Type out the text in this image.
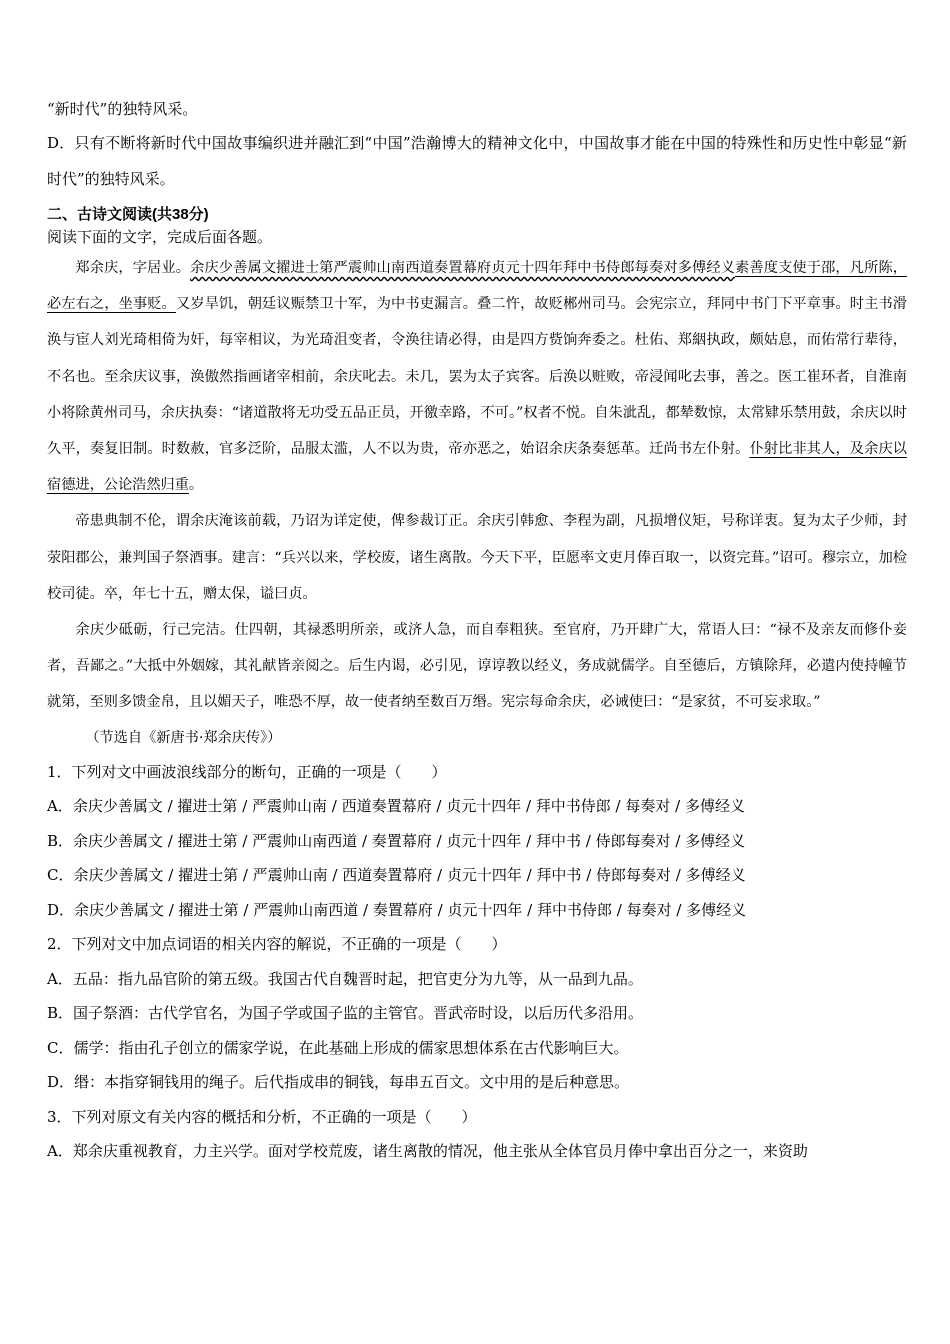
“新时代”的独特风采。
D．只有不断将新时代中国故事编织进并融汇到“中国”浩瀚博大的精神文化中，中国故事才能在中国的特殊性和历史性中彰显“新时代”的独特风采。
二、古诗文阅读(共38分)
阅读下面的文字，完成后面各题。
郑余庆，字居业。余庆少善属文擢进士第严震帅山南西道奏置幕府贞元十四年拜中书侍郎每奏对多傅经义素善度支使于邵，凡所陈，必左右之，坐事贬。又岁旱饥，朝廷议赈禁卫十军，为中书吏漏言。叠二忤，故贬郴州司马。会宪宗立，拜同中书门下平章事。时主书滑涣与宦人刘光琦相倚为奸，每宰相议，为光琦沮变者，令涣往请必得，由是四方赀饷奔委之。杜佑、郑絪执政，颇姑息，而佑常行辈待，不名也。至余庆议事，涣傲然指画诸宰相前，余庆叱去。未几，罢为太子宾客。后涣以赃败，帝浸闻叱去事，善之。医工崔环者，自淮南小将除黄州司马，余庆执奏：“诸道散将无功受五品正员，开徼幸路，不可。”权者不悦。自朱泚乱，都辇数惊，太常肄乐禁用鼓，余庆以时久平，奏复旧制。时数赦，官多泛阶，品服太滥，人不以为贵，帝亦恶之，始诏余庆条奏惩革。迁尚书左仆射。仆射比非其人，及余庆以宿德进，公论浩然归重。
帝患典制不伦，谓余庆淹该前载，乃诏为详定使，俾参裁订正。余庆引韩愈、李程为副，凡损增仪矩，号称详衷。复为太子少师，封荥阳郡公，兼判国子祭酒事。建言：“兵兴以来，学校废，诸生离散。今天下平，臣愿率文吏月俸百取一，以资完葺。”诏可。穆宗立，加检校司徒。卒，年七十五，赠太保，谥曰贞。
余庆少砥砺，行己完洁。仕四朝，其禄悉明所亲，或济人急，而自奉粗狭。至官府，乃开肆广大，常语人曰：“禄不及亲友而修仆妾者，吾鄙之。”大抵中外姻嫁，其礼献皆亲阅之。后生内谒，必引见，谆谆教以经义，务成就儒学。自至德后，方镇除拜，必遣内使持幢节就第，至则多馈金帛，且以媚天子，唯恐不厚，故一使者纳至数百万缗。宪宗每命余庆，必诫使曰：“是家贫，不可妄求取。”
（节选自《新唐书·郑余庆传》）
1．下列对文中画波浪线部分的断句，正确的一项是（　　）
A．余庆少善属文 / 擢进士第 / 严震帅山南 / 西道奏置幕府 / 贞元十四年 / 拜中书侍郎 / 每奏对 / 多傅经义
B．余庆少善属文 / 擢进士第 / 严震帅山南西道 / 奏置幕府 / 贞元十四年 / 拜中书 / 侍郎每奏对 / 多傅经义
C．余庆少善属文 / 擢进士第 / 严震帅山南 / 西道奏置幕府 / 贞元十四年 / 拜中书 / 侍郎每奏对 / 多傅经义
D．余庆少善属文 / 擢进士第 / 严震帅山南西道 / 奏置幕府 / 贞元十四年 / 拜中书侍郎 / 每奏对 / 多傅经义
2．下列对文中加点词语的相关内容的解说，不正确的一项是（　　）
A．五品：指九品官阶的第五级。我国古代自魏晋时起，把官吏分为九等，从一品到九品。
B．国子祭酒：古代学官名，为国子学或国子监的主管官。晋武帝时设，以后历代多沿用。
C．儒学：指由孔子创立的儒家学说，在此基础上形成的儒家思想体系在古代影响巨大。
D．缗：本指穿铜钱用的绳子。后代指成串的铜钱，每串五百文。文中用的是后种意思。
3．下列对原文有关内容的概括和分析，不正确的一项是（　　）
A．郑余庆重视教育，力主兴学。面对学校荒废，诸生离散的情况，他主张从全体官员月俸中拿出百分之一，来资助
